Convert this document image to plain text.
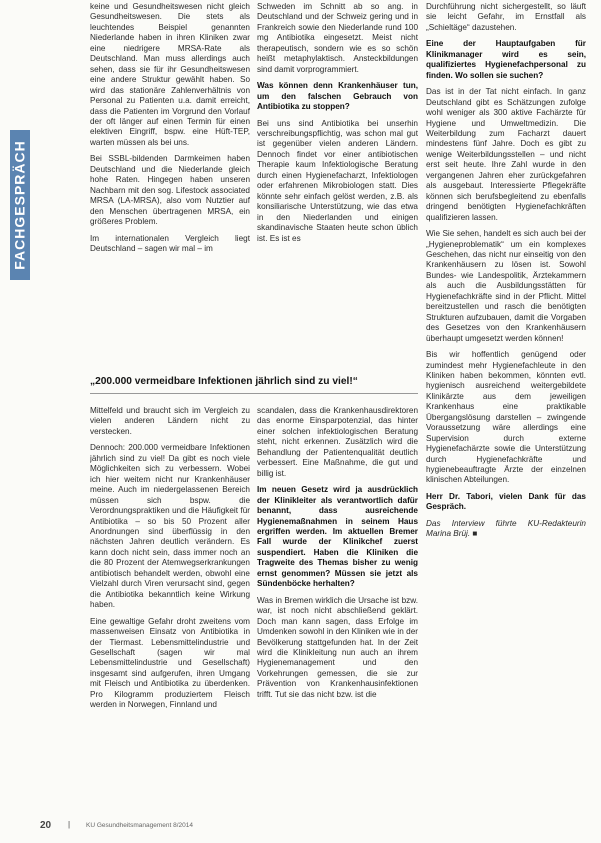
FACHGESPRÄCH

keine und Gesundheitswesen nicht gleich Gesundheitswesen. Die stets als leuchtendes Beispiel genannten Niederlande haben in ihren Kliniken zwar eine niedrigere MRSA-Rate als Deutschland. Man muss allerdings auch sehen, dass sie für ihr Gesundheitswesen eine andere Struktur gewählt haben. So wird das stationäre Zahlenverhältnis von Personal zu Patienten u.a. damit erreicht, dass die Patienten im Vorgrund den Vorlauf der oft länger auf einen Termin für einen elektiven Eingriff, bspw. eine Hüft-TEP, warten müssen als bei uns.

Bei SSBL-bildenden Darmkeimen haben Deutschland und die Niederlande gleich hohe Raten. Hingegen haben unseren Nachbarn mit den sog. Lifestock associated MRSA (LA-MRSA), also vom Nutztier auf den Menschen übertragenen MRSA, ein größeres Problem.

Im internationalen Vergleich liegt Deutschland – sagen wir mal – im

Schweden im Schnitt ab so ang. in Deutschland und der Schweiz gering und in Frankreich sowie den Niederlande rund 100 mg Antibiotika eingesetzt. Meist nicht therapeutisch, sondern wie es so schön heißt metaphylaktisch. Ansteckbildungen sind damit vorprogrammiert.

Was können denn Krankenhäuser tun, um den falschen Gebrauch von Antibiotika zu stoppen?

Bei uns sind Antibiotika bei unserhin verschreibungspflichtig, was schon mal gut ist gegenüber vielen anderen Ländern. Dennoch findet vor einer antibiotischen Therapie kaum Infektiologische Beratung durch einen Hygienefacharzt, Infektiologen oder erfahrenen Mikrobiologen statt. Dies könnte sehr einfach gelöst werden, z.B. als konsiliarische Unterstützung, wie das etwa in den Niederlanden und einigen skandinavische Staaten heute schon üblich ist. Es ist es

Durchführung nicht sichergestellt, so läuft sie leicht Gefahr, im Ernstfall als „Schieltäge“ dazustehen.

Eine der Hauptaufgaben für Klinikmanager wird es sein, qualifiziertes Hygienefachpersonal zu finden. Wo sollen sie suchen?

Das ist in der Tat nicht einfach. In ganz Deutschland gibt es Schätzungen zufolge wohl weniger als 300 aktive Fachärzte für Hygiene und Umweltmedizin. Die Weiterbildung zum Facharzt dauert mindestens fünf Jahre. Doch es gibt zu wenige Weiterbildungsstellen – und nicht erst seit heute. Ihre Zahl wurde in den vergangenen Jahren eher zurückgefahren als ausgebaut. Interessierte Pflegekräfte können sich berufsbegleitend zu ebenfalls dringend benötigten Hygienefachkräften qualifizieren lassen.

Wie Sie sehen, handelt es sich auch bei der „Hygieneproblematik“ um ein komplexes Geschehen, das nicht nur einseitig von den Krankenhäusern zu lösen ist. Sowohl Bundes- wie Landespolitik, Ärztekammern als auch die Ausbildungsstätten für Hygienefachkräfte sind in der Pflicht. Mittel bereitzustellen und rasch die benötigten Strukturen aufzubauen, damit die Vorgaben des Gesetzes von den Krankenhäusern überhaupt umgesetzt werden können!

Bis wir hoffentlich genügend oder zumindest mehr Hygienefachleute in den Kliniken haben bekommen, könnten evtl. hygienisch ausreichend weitergebildete Klinikärzte aus dem jeweiligen Krankenhaus eine praktikable Übergangslösung darstellen – zwingende Voraussetzung wäre allerdings eine Supervision durch externe Hygienefachärzte sowie die Unterstützung durch Hygienefachkräfte und hygienebeauftragte Ärzte der einzelnen klinischen Abteilungen.

Herr Dr. Tabori, vielen Dank für das Gespräch.

Das Interview führte KU-Redakteurin Marina Brüj. ■

„200.000 vermeidbare Infektionen jährlich sind zu viel!“

Mittelfeld und braucht sich im Vergleich zu vielen anderen Ländern nicht zu verstecken.

Dennoch: 200.000 vermeidbare Infektionen jährlich sind zu viel! Da gibt es noch viele Möglichkeiten sich zu verbessern. Wobei ich hier weitem nicht nur Krankenhäuser meine. Auch im niedergelassenen Bereich müssen sich bspw. die Verordnungspraktiken und die Häufigkeit für Antibiotika – so bis 50 Prozent aller Anordnungen sind überflüssig in den nächsten Jahren deutlich verändern. Es kann doch nicht sein, dass immer noch an die 80 Prozent der Atemwegserkrankungen antibiotisch behandelt werden, obwohl eine Vielzahl durch Viren verursacht sind, gegen die Antibiotika bekanntlich keine Wirkung haben.

Eine gewaltige Gefahr droht zweitens vom massenweisen Einsatz von Antibiotika in der Tiermast. Lebensmittelindustrie und Gesellschaft (sagen wir mal Lebensmittelindustrie und Gesellschaft) insgesamt sind aufgerufen, ihren Umgang mit Fleisch und Antibiotika zu überdenken. Pro Kilogramm produziertem Fleisch werden in Norwegen, Finnland und

scandalen, dass die Krankenhausdirektoren das enorme Einsparpotenzial, das hinter einer solchen infektiologischen Beratung steht, nicht erkennen. Zusätzlich wird die Behandlung der Patientenqualität deutlich verbessert. Eine Maßnahme, die gut und billig ist.

Im neuen Gesetz wird ja ausdrücklich der Klinikleiter als verantwortlich dafür benannt, dass ausreichende Hygienemaßnahmen in seinem Haus ergriffen werden. Im aktuellen Bremer Fall wurde der Klinikchef zuerst suspendiert. Haben die Kliniken die Tragweite des Themas bisher zu wenig ernst genommen? Müssen sie jetzt als Sündenböcke herhalten?

Was in Bremen wirklich die Ursache ist bzw. war, ist noch nicht abschließend geklärt. Doch man kann sagen, dass Erfolge im Umdenken sowohl in den Kliniken wie in der Bevölkerung stattgefunden hat. In der Zeit wird die Klinikleitung nun auch an ihrem Hygienemanagement und den Vorkehrungen gemessen, die sie zur Prävention von Krankenhausinfektionen trifft. Tut sie das nicht bzw. ist die

20 | KU Gesundheitsmanagement 8/2014
